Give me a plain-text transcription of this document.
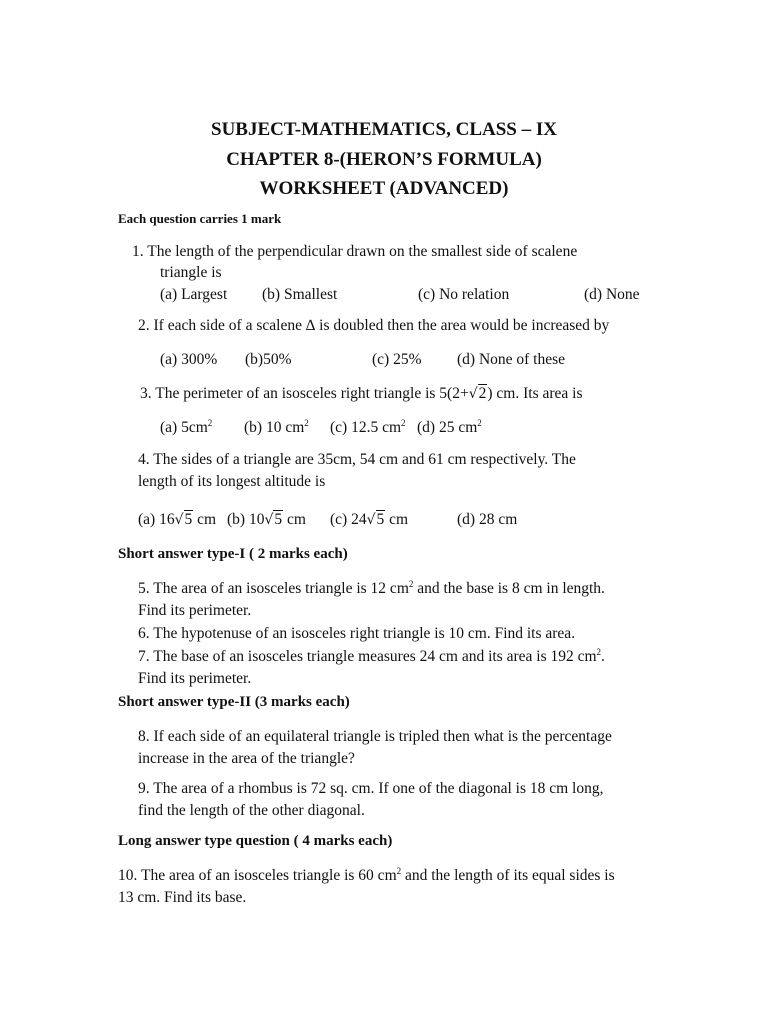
SUBJECT-MATHEMATICS, CLASS – IX
CHAPTER 8-(HERON’S FORMULA)
WORKSHEET (ADVANCED)
Each question carries 1 mark
1. The length of the perpendicular drawn on the smallest side of scalene
triangle is
(a) Largest (b) Smallest	(c) No relation	(d) None
2. If each side of a scalene ∆ is doubled then the area would be increased by
(a) 300% (b)50%	(c) 25% (d) None of these
3. The perimeter of an isosceles right triangle is 5(2+√2) cm. Its area is
(a) $5cm^2$ (b) 10 $cm^2$ (c) 12.5 $cm^2$ (d) 25 $cm^2$
4. The sides of a triangle are 35cm, 54 cm and 61 cm respectively. The
length of its longest altitude is
(a) 16√5 cm (b) 10√5 cm (c) 24√5 cm	(d) 28 cm
Short answer type-I ( 2 marks each)
5. The area of an isosceles triangle is 12 $cm^2$ and the base is 8 cm in length.
Find its perimeter.
6. The hypotenuse of an isosceles right triangle is 10 cm. Find its area.
7. The base of an isosceles triangle measures 24 cm and its area is 192 $cm^2$.
Find its perimeter.
Short answer type-II (3 marks each)
8. If each side of an equilateral triangle is tripled then what is the percentage
increase in the area of the triangle?
9. The area of a rhombus is 72 sq. cm. If one of the diagonal is 18 cm long,
find the length of the other diagonal.
Long answer type question ( 4 marks each)
10. The area of an isosceles triangle is 60 $cm^2$ and the length of its equal sides is
13 cm. Find its base.
